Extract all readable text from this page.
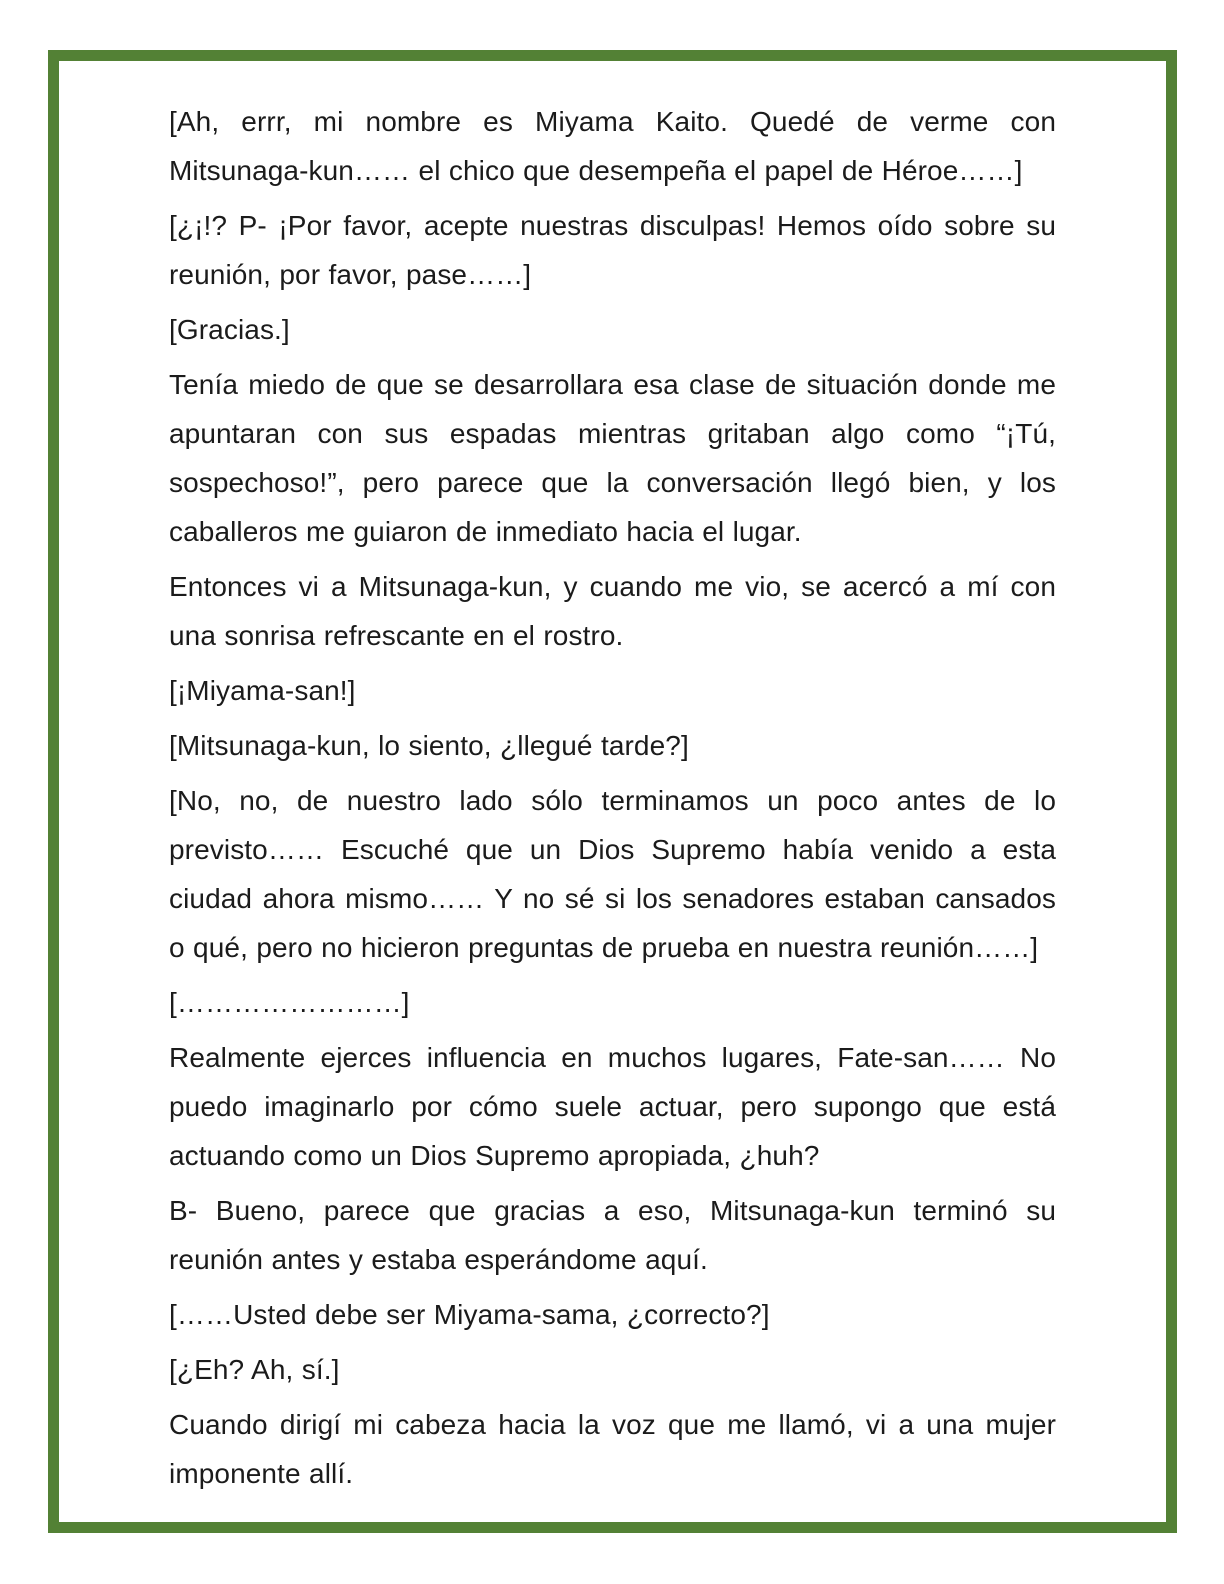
[Ah, errr, mi nombre es Miyama Kaito. Quedé de verme con Mitsunaga-kun…… el chico que desempeña el papel de Héroe……]

[¿¡!? P- ¡Por favor, acepte nuestras disculpas! Hemos oído sobre su reunión, por favor, pase……]

[Gracias.]

Tenía miedo de que se desarrollara esa clase de situación donde me apuntaran con sus espadas mientras gritaban algo como “¡Tú, sospechoso!”, pero parece que la conversación llegó bien, y los caballeros me guiaron de inmediato hacia el lugar.

Entonces vi a Mitsunaga-kun, y cuando me vio, se acercó a mí con una sonrisa refrescante en el rostro.

[¡Miyama-san!]

[Mitsunaga-kun, lo siento, ¿llegué tarde?]

[No, no, de nuestro lado sólo terminamos un poco antes de lo previsto…… Escuché que un Dios Supremo había venido a esta ciudad ahora mismo…… Y no sé si los senadores estaban cansados o qué, pero no hicieron preguntas de prueba en nuestra reunión……]

[……………………]

Realmente ejerces influencia en muchos lugares, Fate-san…… No puedo imaginarlo por cómo suele actuar, pero supongo que está actuando como un Dios Supremo apropiada, ¿huh?

B- Bueno, parece que gracias a eso, Mitsunaga-kun terminó su reunión antes y estaba esperándome aquí.

[……Usted debe ser Miyama-sama, ¿correcto?]

[¿Eh? Ah, sí.]

Cuando dirigí mi cabeza hacia la voz que me llamó, vi a una mujer imponente allí.
